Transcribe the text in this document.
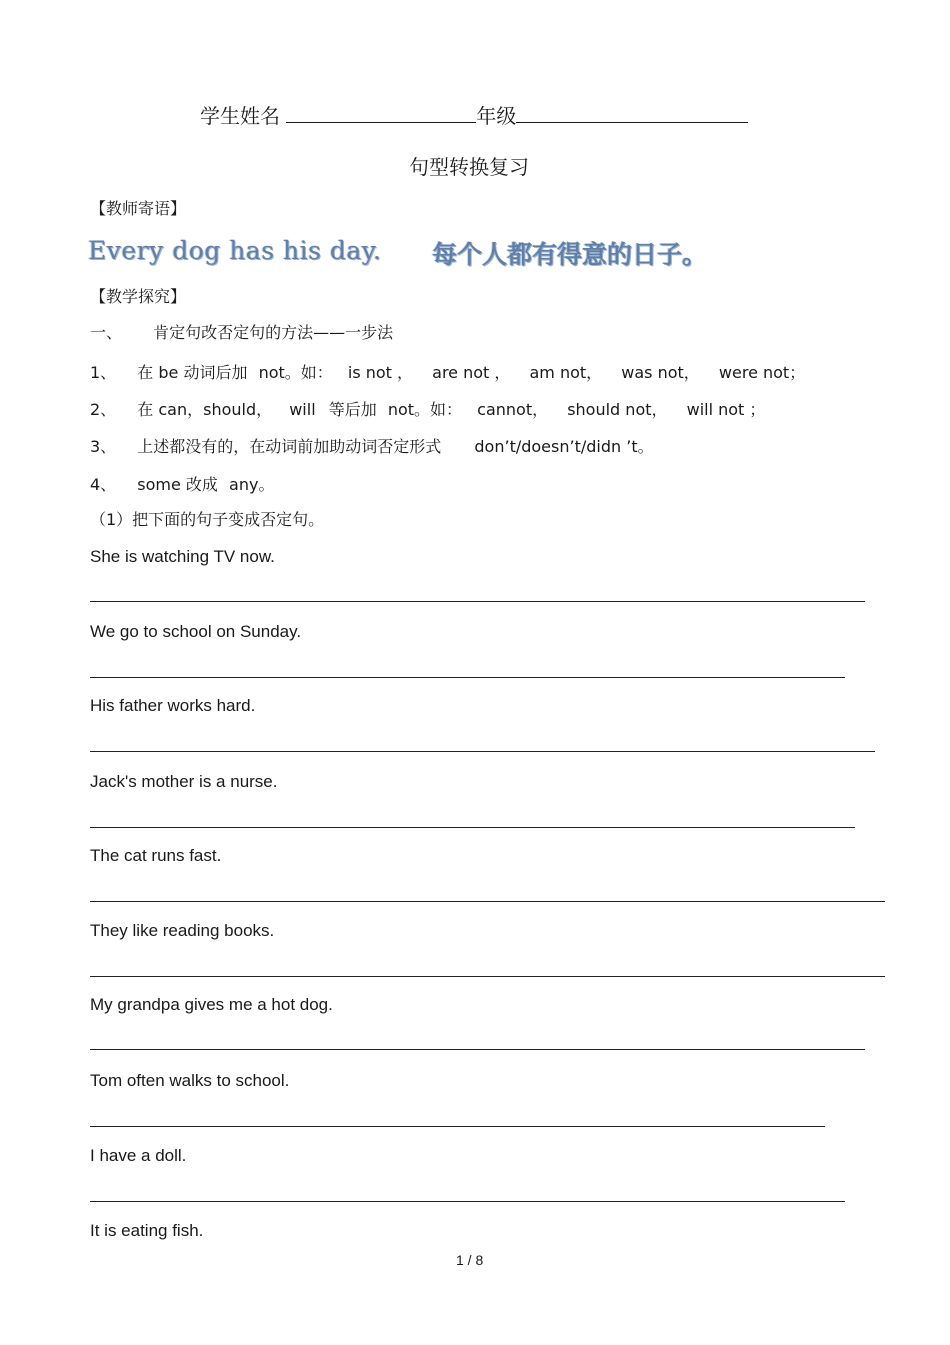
学生姓名	年级
句型转换复习
【教师寄语】
Every dog has his day. 每个人都有得意的日子。
【教学探究】
一、 肯定句改否定句的方法——一步法
1、 在 be 动词后加 not。如： is not ， are not ， am not， was not， were not；
2、 在 can，should， will 等后加 not。如： cannot， should not， will not ；
3、 上述都没有的，在动词前加助动词否定形式 don’t/doesn’t/didn ’t。
4、 some 改成 any。
（1）把下面的句子变成否定句。
She is watching TV now.
We go to school on Sunday.
His father works hard.
Jack's mother is a nurse.
The cat runs fast.
They like reading books.
My grandpa gives me a hot dog.
Tom often walks to school.
I have a doll.
It is eating fish.
1 / 8
